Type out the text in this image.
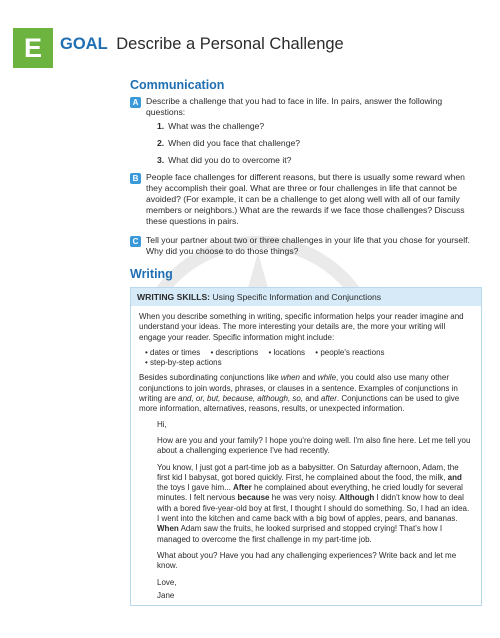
E	GOAL Describe a Personal Challenge
Communication
A Describe a challenge that you had to face in life. In pairs, answer the following questions:
1. What was the challenge?
2. When did you face that challenge?
3. What did you do to overcome it?
B People face challenges for different reasons, but there is usually some reward when they accomplish their goal. What are three or four challenges in life that cannot be avoided? (For example, it can be a challenge to get along well with all of our family members or neighbors.) What are the rewards if we face those challenges? Discuss these questions in pairs.
C Tell your partner about two or three challenges in your life that you chose for yourself. Why did you choose to do those things?
Writing
WRITING SKILLS: Using Specific Information and Conjunctions

When you describe something in writing, specific information helps your reader imagine and understand your ideas. The more interesting your details are, the more your writing will engage your reader. Specific information might include:

• dates or times • descriptions • locations • people's reactions
• step-by-step actions

Besides subordinating conjunctions like when and while, you could also use many other conjunctions to join words, phrases, or clauses in a sentence. Examples of conjunctions in writing are and, or, but, because, although, so, and after. Conjunctions can be used to give more information, alternatives, reasons, results, or unexpected information.

Hi,

How are you and your family? I hope you're doing well. I'm also fine here. Let me tell you about a challenging experience I've had recently.

You know, I just got a part-time job as a babysitter. On Saturday afternoon, Adam, the first kid I babysat, got bored quickly. First, he complained about the food, the milk, and the toys I gave him... After he complained about everything, he cried loudly for several minutes. I felt nervous because he was very noisy. Although I didn't know how to deal with a bored five-year-old boy at first, I thought I should do something. So, I had an idea. I went into the kitchen and came back with a big bowl of apples, pears, and bananas. When Adam saw the fruits, he looked surprised and stopped crying! That's how I managed to overcome the first challenge in my part-time job.

What about you? Have you had any challenging experiences? Write back and let me know.

Love,

Jane
